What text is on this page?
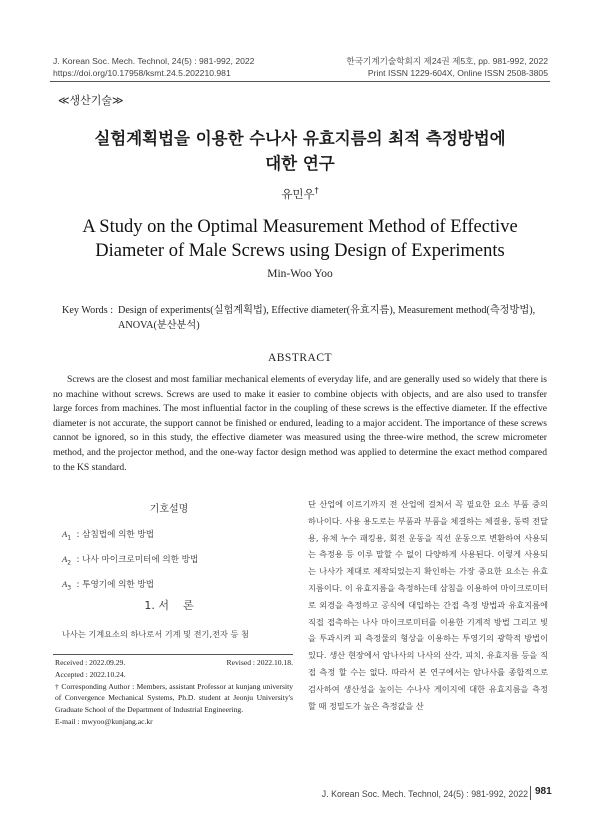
J. Korean Soc. Mech. Technol, 24(5) : 981-992, 2022
https://doi.org/10.17958/ksmt.24.5.202210.981
한국기계기술학회지 제24권 제5호, pp. 981-992, 2022
Print ISSN 1229-604X, Online ISSN 2508-3805
≪생산기술≫
실험계획법을 이용한 수나사 유효지름의 최적 측정방법에
대한 연구
유민우†
A Study on the Optimal Measurement Method of Effective
Diameter of Male Screws using Design of Experiments
Min-Woo Yoo
Key Words : Design of experiments(실험계획법), Effective diameter(유효지름), Measurement method(측정방법),
ANOVA(분산분석)
ABSTRACT
Screws are the closest and most familiar mechanical elements of everyday life, and are generally used so widely that there is no machine without screws. Screws are used to make it easier to combine objects with objects, and are also used to transfer large forces from machines. The most influential factor in the coupling of these screws is the effective diameter. If the effective diameter is not accurate, the support cannot be finished or endured, leading to a major accident. The importance of these screws cannot be ignored, so in this study, the effective diameter was measured using the three-wire method, the screw micrometer method, and the projector method, and the one-way factor design method was applied to determine the exact method compared to the KS standard.
기호설명
$A_1$ : 삼침법에 의한 방법
$A_2$ : 나사 마이크로미터에 의한 방법
$A_3$ : 투영기에 의한 방법
1. 서    론
나사는 기계요소의 하나로서 기계 및 전기,전자 등 첨
Received : 2022.09.29.	Revised : 2022.10.18.
Accepted : 2022.10.24.
† Corresponding Author : Members, assistant Professor at kunjang university of Convergence Mechanical Systems, Ph.D. student at Jeonju University's Graduate School of the Department of Industrial Engineering.
E-mail : mwyoo@kunjang.ac.kr
단 산업에 이르기까지 전 산업에 걸쳐서 꼭 필요한 요소 부품 중의 하나이다. 사용 용도로는 부품과 부품을 체결하는 체결용, 동력 전달용, 유체 누수 패킹용, 회전 운동을 직선 운동으로 변환하여 사용되는 측정용 등 이루 말할 수 없이 다양하게 사용된다. 이렇게 사용되는 나사가 제대로 제작되었는지 확인하는 가장 중요한 요소는 유효지름이다. 이 유효지름을 측정하는데 삼침을 이용하여 마이크로미터로 외경을 측정하고 공식에 대입하는 간접 측정 방법과 유효지름에 직접 접촉하는 나사 마이크로미터를 이용한 기계적 방법 그리고 빛을 투과시켜 피 측정물의 형상을 이용하는 투영기의 광학적 방법이 있다. 생산 현장에서 암나사의 나사의 산각, 피치, 유효지름 등을 직접 측정 할 수는 없다. 따라서 본 연구에서는 암나사를 종합적으로 검사하여 생산성을 높이는 수나사 게이지에 대한 유효지름을 측정 할 때 정밀도가 높은 측정값을 산
J. Korean Soc. Mech. Technol, 24(5) : 981-992, 2022 981
